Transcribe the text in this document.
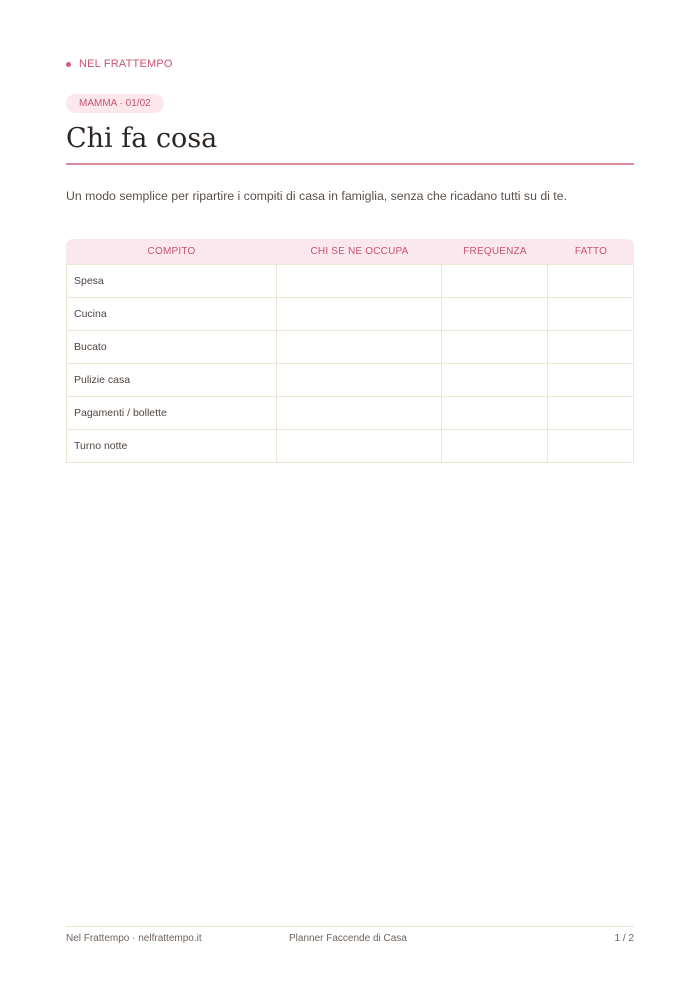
NEL FRATTEMPO
MAMMA · 01/02
Chi fa cosa

Un modo semplice per ripartire i compiti di casa in famiglia, senza che ricadano tutti su di te.

COMPITO	CHI SE NE OCCUPA	FREQUENZA	FATTO
Spesa			
Cucina			
Bucato			
Pulizie casa			
Pagamenti / bollette			
Turno notte			
Nel Frattempo · nelfrattempo.it	Planner Faccende di Casa	1 / 2
